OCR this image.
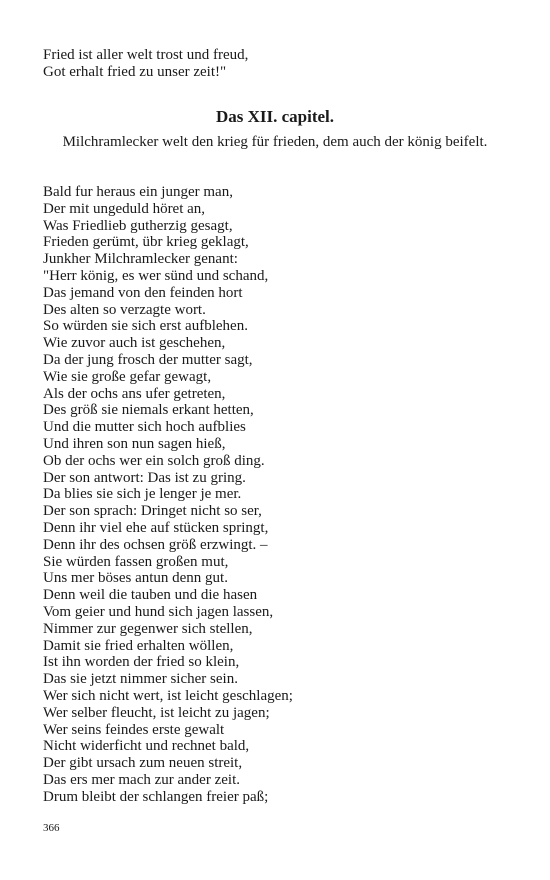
Fried ist aller welt trost und freud,
Got erhalt fried zu unser zeit!"
Das XII. capitel.
Milchramlecker welt den krieg für frieden, dem auch der könig beifelt.
Bald fur heraus ein junger man,
Der mit ungeduld höret an,
Was Friedlieb gutherzig gesagt,
Frieden gerümt, übr krieg geklagt,
Junkher Milchramlecker genant:
"Herr könig, es wer sünd und schand,
Das jemand von den feinden hort
Des alten so verzagte wort.
So würden sie sich erst aufblehen.
Wie zuvor auch ist geschehen,
Da der jung frosch der mutter sagt,
Wie sie große gefar gewagt,
Als der ochs ans ufer getreten,
Des größ sie niemals erkant hetten,
Und die mutter sich hoch aufblies
Und ihren son nun sagen hieß,
Ob der ochs wer ein solch groß ding.
Der son antwort: Das ist zu gring.
Da blies sie sich je lenger je mer.
Der son sprach: Dringet nicht so ser,
Denn ihr viel ehe auf stücken springt,
Denn ihr des ochsen größ erzwingt. –
Sie würden fassen großen mut,
Uns mer böses antun denn gut.
Denn weil die tauben und die hasen
Vom geier und hund sich jagen lassen,
Nimmer zur gegenwer sich stellen,
Damit sie fried erhalten wöllen,
Ist ihn worden der fried so klein,
Das sie jetzt nimmer sicher sein.
Wer sich nicht wert, ist leicht geschlagen;
Wer selber fleucht, ist leicht zu jagen;
Wer seins feindes erste gewalt
Nicht widerficht und rechnet bald,
Der gibt ursach zum neuen streit,
Das ers mer mach zur ander zeit.
Drum bleibt der schlangen freier paß;
366
